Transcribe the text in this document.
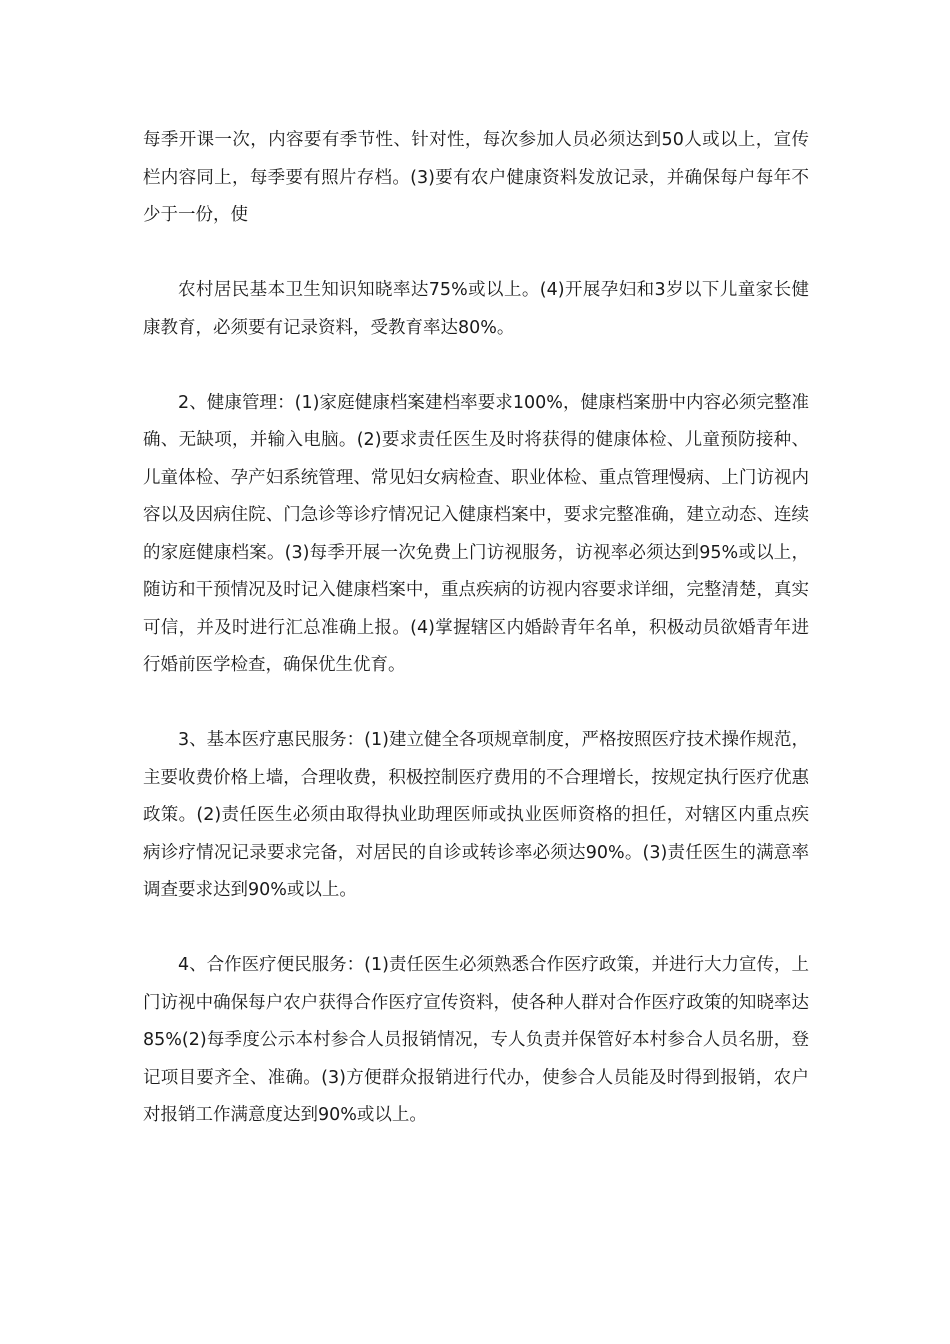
每季开课一次，内容要有季节性、针对性，每次参加人员必须达到50人或以上，宣传栏内容同上，每季要有照片存档。(3)要有农户健康资料发放记录，并确保每户每年不少于一份，使

农村居民基本卫生知识知晓率达75%或以上。(4)开展孕妇和3岁以下儿童家长健康教育，必须要有记录资料，受教育率达80%。

2、健康管理：(1)家庭健康档案建档率要求100%，健康档案册中内容必须完整准确、无缺项，并输入电脑。(2)要求责任医生及时将获得的健康体检、儿童预防接种、儿童体检、孕产妇系统管理、常见妇女病检查、职业体检、重点管理慢病、上门访视内容以及因病住院、门急诊等诊疗情况记入健康档案中，要求完整准确，建立动态、连续的家庭健康档案。(3)每季开展一次免费上门访视服务，访视率必须达到95%或以上，随访和干预情况及时记入健康档案中，重点疾病的访视内容要求详细，完整清楚，真实可信，并及时进行汇总准确上报。(4)掌握辖区内婚龄青年名单，积极动员欲婚青年进行婚前医学检查，确保优生优育。

3、基本医疗惠民服务：(1)建立健全各项规章制度，严格按照医疗技术操作规范，主要收费价格上墙，合理收费，积极控制医疗费用的不合理增长，按规定执行医疗优惠政策。(2)责任医生必须由取得执业助理医师或执业医师资格的担任，对辖区内重点疾病诊疗情况记录要求完备，对居民的自诊或转诊率必须达90%。(3)责任医生的满意率调查要求达到90%或以上。

4、合作医疗便民服务：(1)责任医生必须熟悉合作医疗政策，并进行大力宣传，上门访视中确保每户农户获得合作医疗宣传资料，使各种人群对合作医疗政策的知晓率达85%(2)每季度公示本村参合人员报销情况，专人负责并保管好本村参合人员名册，登记项目要齐全、准确。(3)方便群众报销进行代办，使参合人员能及时得到报销，农户对报销工作满意度达到90%或以上。
